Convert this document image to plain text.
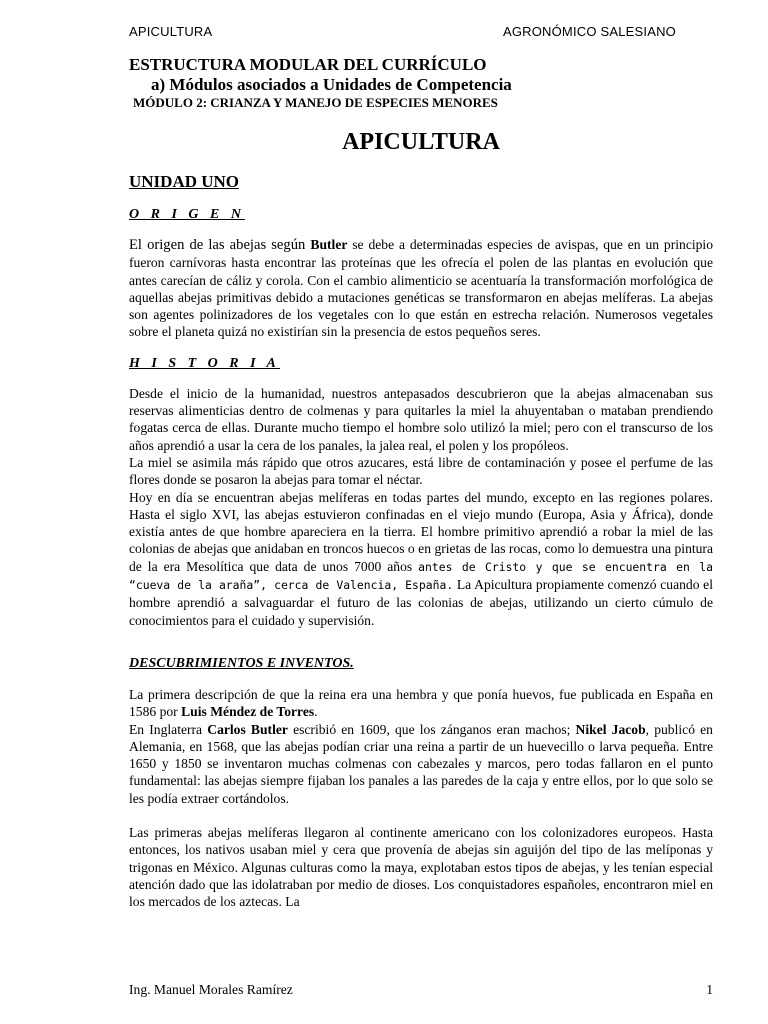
APICULTURA	AGRONÓMICO SALESIANO

ESTRUCTURA MODULAR DEL CURRÍCULO

a) Módulos asociados a Unidades de Competencia

MÓDULO 2: CRIANZA Y MANEJO DE ESPECIES MENORES

APICULTURA
UNIDAD UNO
O R I G E N

El origen de las abejas según Butler se debe a determinadas especies de avispas, que en un principio fueron carnívoras hasta encontrar las proteínas que les ofrecía el polen de las plantas en evolución que antes carecían de cáliz y corola. Con el cambio alimenticio se acentuaría la transformación morfológica de aquellas abejas primitivas debido a mutaciones genéticas se transformaron en abejas melíferas. La abejas son agentes polinizadores de los vegetales con lo que están en estrecha relación. Numerosos vegetales sobre el planeta quizá no existirían sin la presencia de estos pequeños seres.

H I S T O R I A

Desde el inicio de la humanidad, nuestros antepasados descubrieron que la abejas almacenaban sus reservas alimenticias dentro de colmenas y para quitarles la miel la ahuyentaban o mataban prendiendo fogatas cerca de ellas. Durante mucho tiempo el hombre solo utilizó la miel; pero con el transcurso de los años aprendió a usar la cera de los panales, la jalea real, el polen y los propóleos.

La miel se asimila más rápido que otros azucares, está libre de contaminación y posee el perfume de las flores donde se posaron la abejas para tomar el néctar.

Hoy en día se encuentran abejas melíferas en todas partes del mundo, excepto en las regiones polares. Hasta el siglo XVI, las abejas estuvieron confinadas en el viejo mundo (Europa, Asia y África), donde existía antes de que hombre apareciera en la tierra. El hombre primitivo aprendió a robar la miel de las colonias de abejas que anidaban en troncos huecos o en grietas de las rocas, como lo demuestra una pintura de la era Mesolítica que data de unos 7000 años antes de Cristo y que se encuentra en la “cueva de la araña”, cerca de Valencia, España. La Apicultura propiamente comenzó cuando el hombre aprendió a salvaguardar el futuro de las colonias de abejas, utilizando un cierto cúmulo de conocimientos para el cuidado y supervisión.

DESCUBRIMIENTOS E INVENTOS.

La primera descripción de que la reina era una hembra y que ponía huevos, fue publicada en España en 1586 por Luis Méndez de Torres.

En Inglaterra Carlos Butler escribió en 1609, que los zánganos eran machos; Nikel Jacob, publicó en Alemania, en 1568, que las abejas podían criar una reina a partir de un huevecillo o larva pequeña. Entre 1650 y 1850 se inventaron muchas colmenas con cabezales y marcos, pero todas fallaron en el punto fundamental: las abejas siempre fijaban los panales a las paredes de la caja y entre ellos, por lo que solo se les podía extraer cortándolos.

Las primeras abejas melíferas llegaron al continente americano con los colonizadores europeos. Hasta entonces, los nativos usaban miel y cera que provenía de abejas sin aguijón del tipo de las melíponas y trigonas en México. Algunas culturas como la maya, explotaban estos tipos de abejas, y les tenían especial atención dado que las idolatraban por medio de dioses. Los conquistadores españoles, encontraron miel en los mercados de los aztecas. La

Ing. Manuel Morales Ramírez	1
